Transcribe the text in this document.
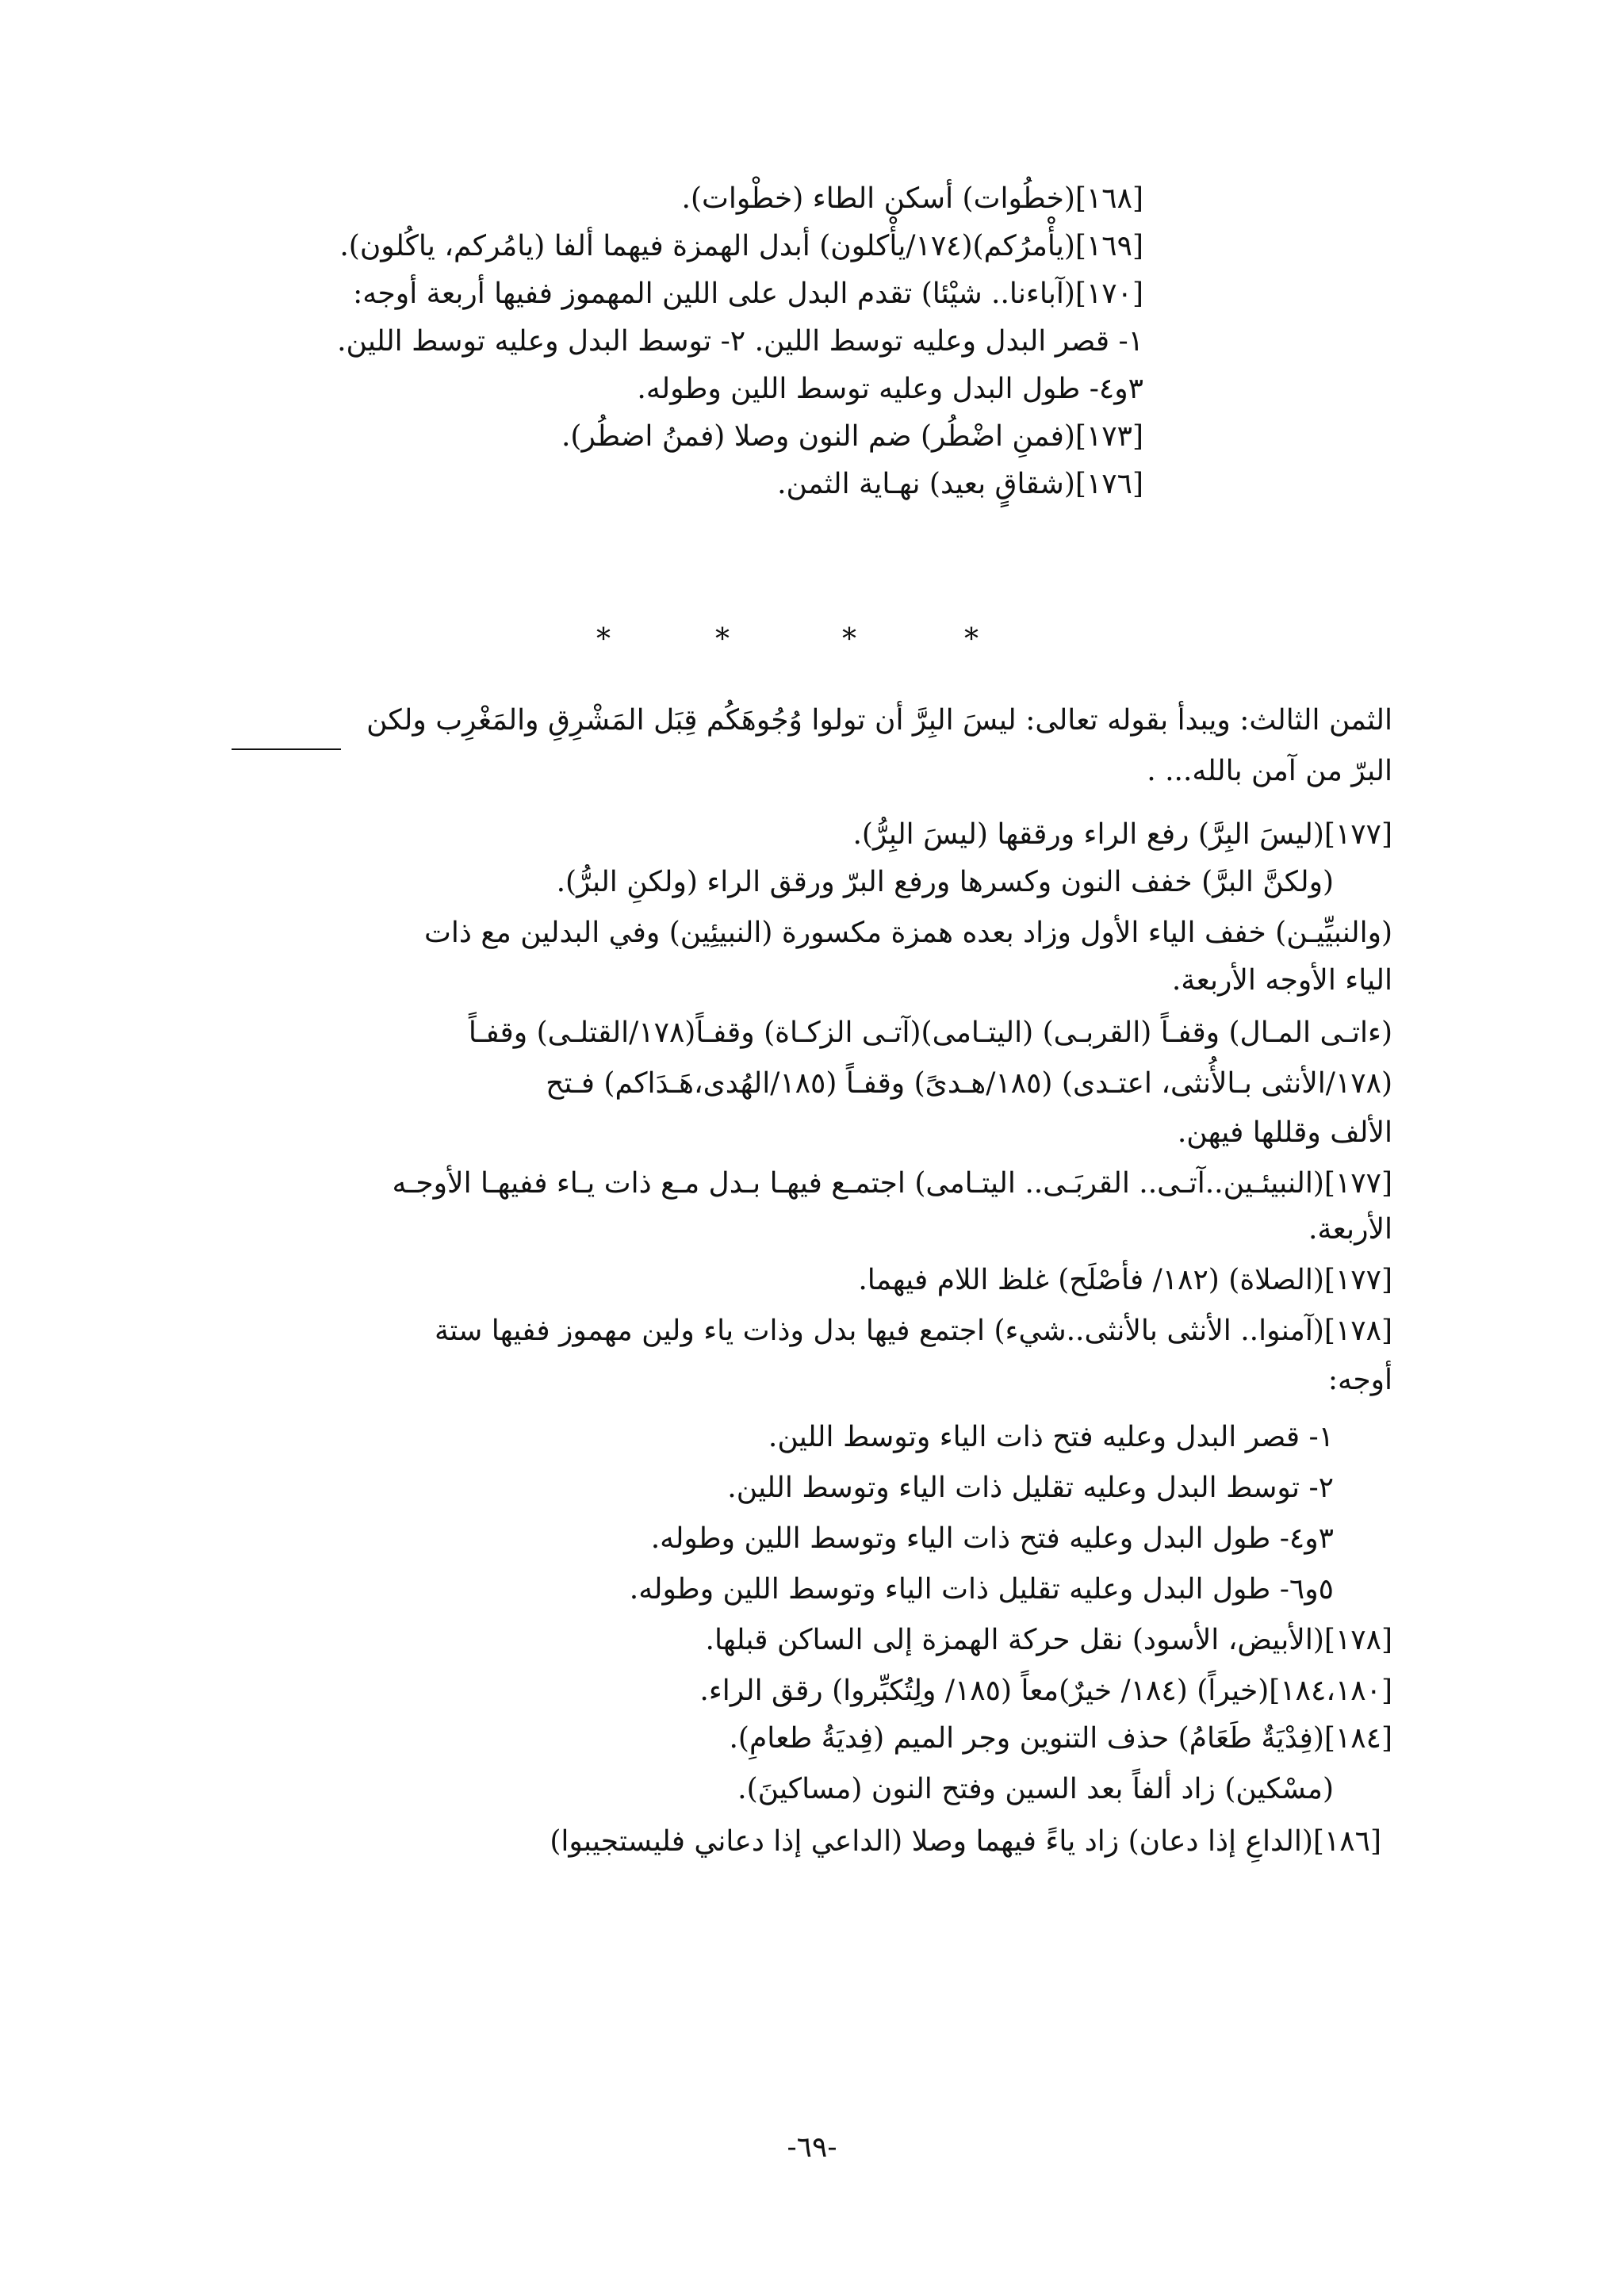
[١٦٨](خطُوات) أسكن الطاء (خطْوات).
[١٦٩](يأْمرُكم)(١٧٤/يأْكلون) أبدل الهمزة فيهما ألفا (يامُركم، ياكُلون).
[١٧٠](آباءنا.. شيْئا) تقدم البدل على اللين المهموز ففيها أربعة أوجه:
١- قصر البدل وعليه توسط اللين. ٢- توسط البدل وعليه توسط اللين.
٣و٤- طول البدل وعليه توسط اللين وطوله.
[١٧٣](فمنِ اضْطُر) ضم النون وصلا (فمنُ اضطُر).
[١٧٦](شقاقٍ بعيد) نهـاية الثمن.
*	*	*	*
الثمن الثالث: ويبدأ بقوله تعالى: ليسَ البِرَّ أن تولوا وُجُوهَكُم قِبَل المَشْرِقِ والمَغْرِب ولكن
البرّ من آمن بالله... .
[١٧٧](ليسَ البِرَّ) رفع الراء ورققها (ليسَ البِرُّ).
(ولكنَّ البرَّ) خفف النون وكسرها ورفع البرّ ورقق الراء (ولكنِ البرُّ).
(والنبيِّيـن) خفف الياء الأول وزاد بعده همزة مكسورة (النبيئِين) وفي البدلين مع ذات
الياء الأوجه الأربعة.
(ءاتـى المـال) وقفـاً (القربـى) (اليتـامى)(آتـى الزكـاة) وقفـاً(١٧٨/القتلـى) وقفـاً
(١٧٨/الأنثى بـالأُنثى، اعتـدى) (١٨٥/هـدىً) وقفـاً (١٨٥/الهُدى،هَـدَاكم) فـتح
الألف وقللها فيهن.
[١٧٧](النبيئـين..آتـى.. القربَـى.. اليتـامى) اجتمـع فيهـا بـدل مـع ذات يـاء ففيهـا الأوجـه
الأربعة.
[١٧٧](الصلاة) (١٨٢/ فأصْلَح) غلظ اللام فيهما.
[١٧٨](آمنوا.. الأنثى بالأنثى..شيء) اجتمع فيها بدل وذات ياء ولين مهموز ففيها ستة
أوجه:
١- قصر البدل وعليه فتح ذات الياء وتوسط اللين.
٢- توسط البدل وعليه تقليل ذات الياء وتوسط اللين.
٣و٤- طول البدل وعليه فتح ذات الياء وتوسط اللين وطوله.
٥و٦- طول البدل وعليه تقليل ذات الياء وتوسط اللين وطوله.
[١٧٨](الأبيض، الأسود) نقل حركة الهمزة إلى الساكن قبلها.
[١٨٤،١٨٠](خيراً) (١٨٤/ خيرٌ)معاً (١٨٥/ ولِتُكبِّروا) رقق الراء.
[١٨٤](فِدْيَةٌ طَعَامُ) حذف التنوين وجر الميم (فِديَةُ طعامِ).
(مسْكين) زاد ألفاً بعد السين وفتح النون (مساكينَ).
[١٨٦](الداعِ إذا دعان) زاد ياءً فيهما وصلا (الداعي إذا دعاني فليستجيبوا)
-٦٩-
